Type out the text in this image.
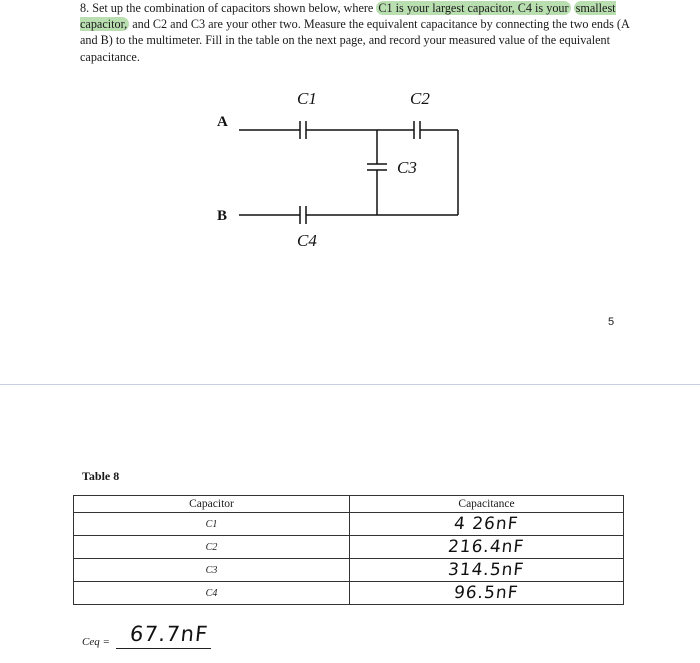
8. Set up the combination of capacitors shown below, where C1 is your largest capacitor, C4 is your smallest capacitor, and C2 and C3 are your other two. Measure the equivalent capacitance by connecting the two ends (A and B) to the multimeter. Fill in the table on the next page, and record your measured value of the equivalent capacitance.
C1	C2
C3
C4
A
B
5
Table 8
Capacitor	Capacitance
C1	4 26nF
C2	216.4nF
C3	314.5nF
C4	96.5nF
Ceq = 67.7nF
